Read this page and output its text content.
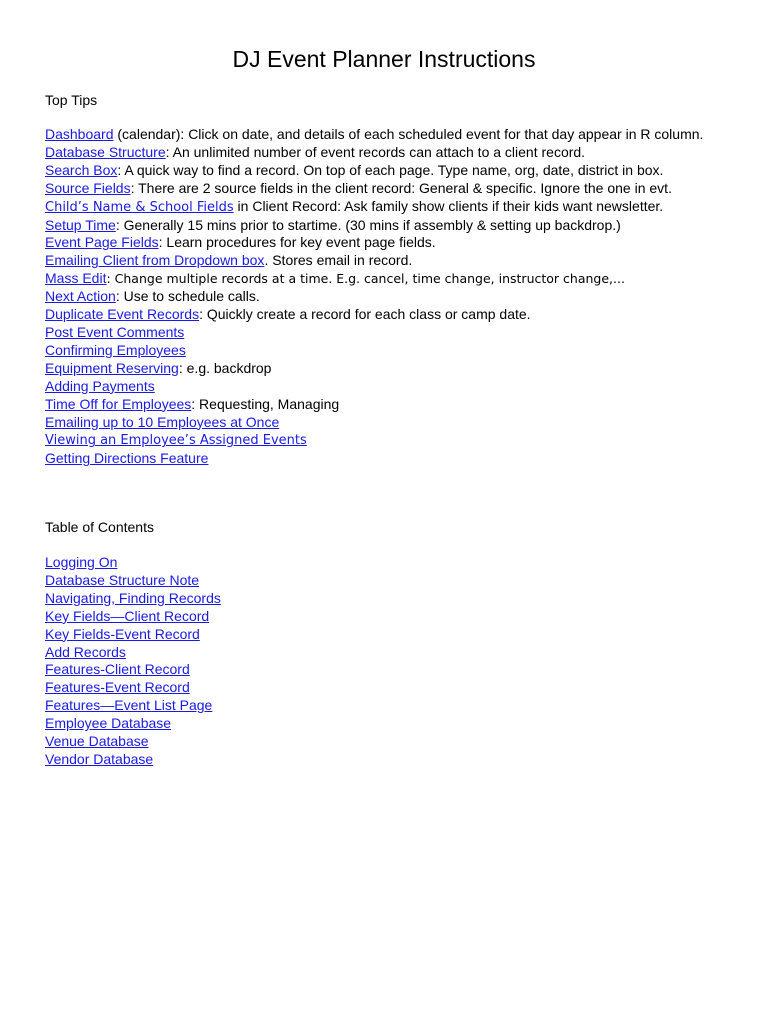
DJ Event Planner Instructions

Top Tips

Dashboard (calendar): Click on date, and details of each scheduled event for that day appear in R column.
Database Structure: An unlimited number of event records can attach to a client record.
Search Box: A quick way to find a record. On top of each page. Type name, org, date, district in box.
Source Fields: There are 2 source fields in the client record: General & specific. Ignore the one in evt.
Child’s Name & School Fields in Client Record: Ask family show clients if their kids want newsletter.
Setup Time: Generally 15 mins prior to startime. (30 mins if assembly & setting up backdrop.)
Event Page Fields: Learn procedures for key event page fields.
Emailing Client from Dropdown box. Stores email in record.
Mass Edit: Change multiple records at a time. E.g. cancel, time change, instructor change,...
Next Action: Use to schedule calls.
Duplicate Event Records: Quickly create a record for each class or camp date.
Post Event Comments
Confirming Employees
Equipment Reserving: e.g. backdrop
Adding Payments
Time Off for Employees: Requesting, Managing
Emailing up to 10 Employees at Once
Viewing an Employee’s Assigned Events
Getting Directions Feature

Table of Contents

Logging On
Database Structure Note
Navigating, Finding Records
Key Fields—Client Record
Key Fields-Event Record
Add Records
Features-Client Record
Features-Event Record
Features—Event List Page
Employee Database
Venue Database
Vendor Database
